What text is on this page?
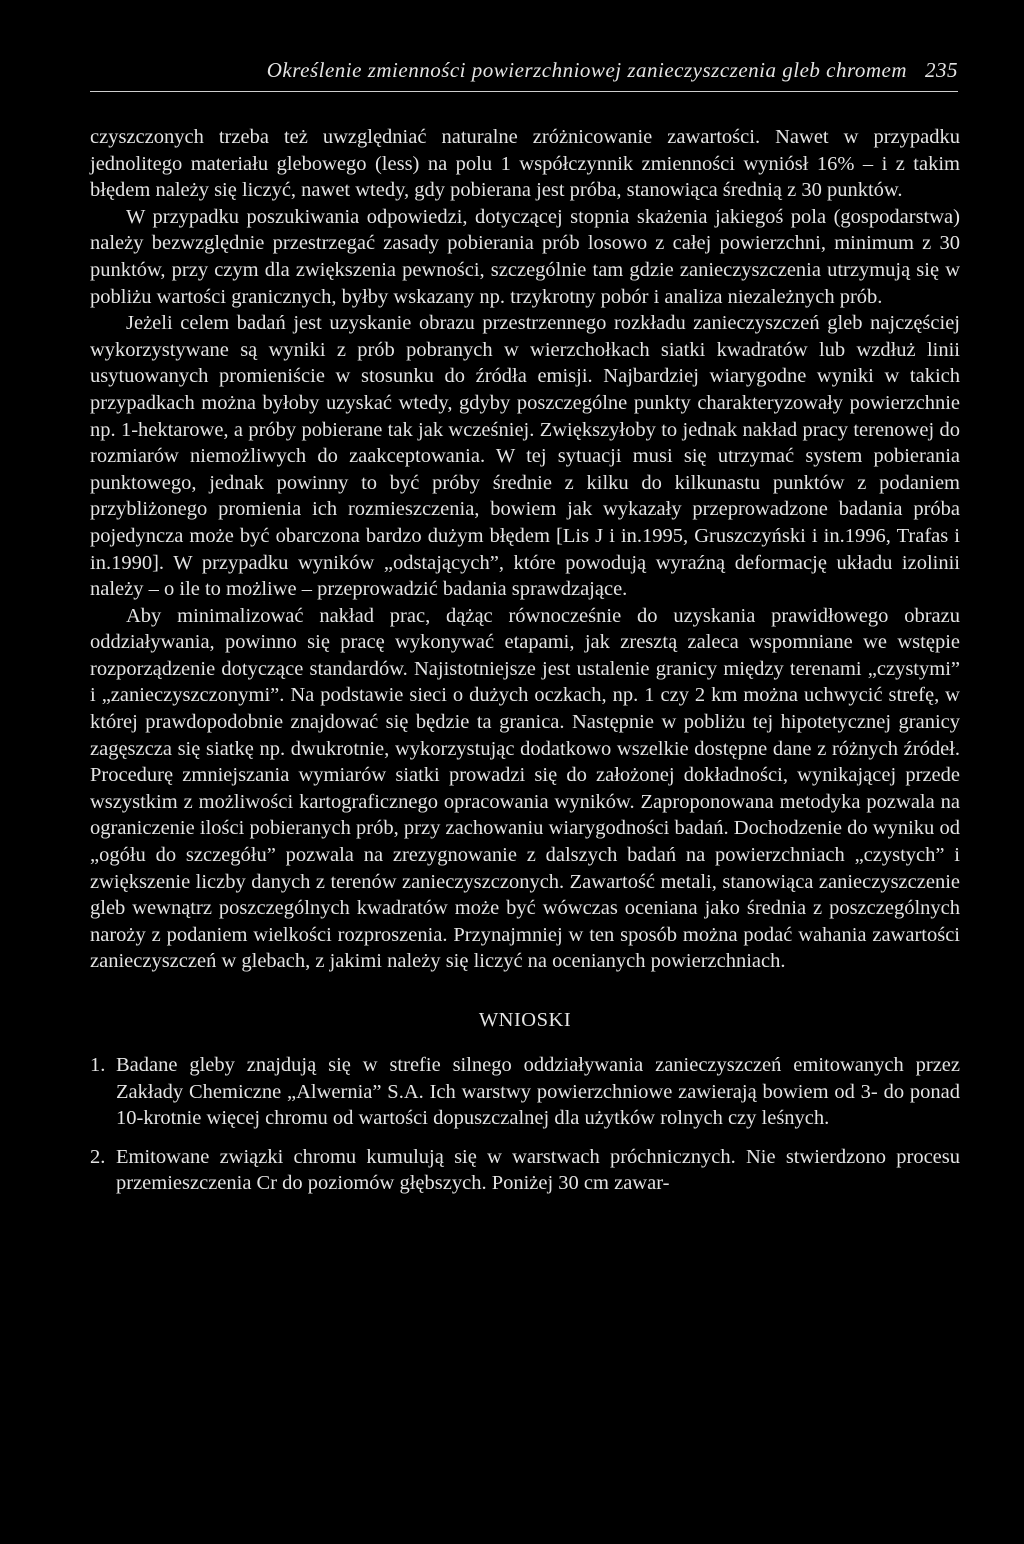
Określenie zmienności powierzchniowej zanieczyszczenia gleb chromem 235

czyszczonych trzeba też uwzględniać naturalne zróżnicowanie zawartości. Nawet w przypadku jednolitego materiału glebowego (less) na polu 1 współczynnik zmienności wyniósł 16% – i z takim błędem należy się liczyć, nawet wtedy, gdy pobierana jest próba, stanowiąca średnią z 30 punktów.

W przypadku poszukiwania odpowiedzi, dotyczącej stopnia skażenia jakiegoś pola (gospodarstwa) należy bezwzględnie przestrzegać zasady pobierania prób losowo z całej powierzchni, minimum z 30 punktów, przy czym dla zwiększenia pewności, szczególnie tam gdzie zanieczyszczenia utrzymują się w pobliżu wartości granicznych, byłby wskazany np. trzykrotny pobór i analiza niezależnych prób.

Jeżeli celem badań jest uzyskanie obrazu przestrzennego rozkładu zanieczyszczeń gleb najczęściej wykorzystywane są wyniki z prób pobranych w wierzchołkach siatki kwadratów lub wzdłuż linii usytuowanych promieniście w stosunku do źródła emisji. Najbardziej wiarygodne wyniki w takich przypadkach można byłoby uzyskać wtedy, gdyby poszczególne punkty charakteryzowały powierzchnie np. 1-hektarowe, a próby pobierane tak jak wcześniej. Zwiększyłoby to jednak nakład pracy terenowej do rozmiarów niemożliwych do zaakceptowania. W tej sytuacji musi się utrzymać system pobierania punktowego, jednak powinny to być próby średnie z kilku do kilkunastu punktów z podaniem przybliżonego promienia ich rozmieszczenia, bowiem jak wykazały przeprowadzone badania próba pojedyncza może być obarczona bardzo dużym błędem [Lis J i in.1995, Gruszczyński i in.1996, Trafas i in.1990]. W przypadku wyników „odstających”, które powodują wyraźną deformację układu izolinii należy – o ile to możliwe – przeprowadzić badania sprawdzające.

Aby minimalizować nakład prac, dążąc równocześnie do uzyskania prawidłowego obrazu oddziaływania, powinno się pracę wykonywać etapami, jak zresztą zaleca wspomniane we wstępie rozporządzenie dotyczące standardów. Najistotniejsze jest ustalenie granicy między terenami „czystymi” i „zanieczyszczonymi”. Na podstawie sieci o dużych oczkach, np. 1 czy 2 km można uchwycić strefę, w której prawdopodobnie znajdować się będzie ta granica. Następnie w pobliżu tej hipotetycznej granicy zagęszcza się siatkę np. dwukrotnie, wykorzystując dodatkowo wszelkie dostępne dane z różnych źródeł. Procedurę zmniejszania wymiarów siatki prowadzi się do założonej dokładności, wynikającej przede wszystkim z możliwości kartograficznego opracowania wyników. Zaproponowana metodyka pozwala na ograniczenie ilości pobieranych prób, przy zachowaniu wiarygodności badań. Dochodzenie do wyniku od „ogółu do szczegółu” pozwala na zrezygnowanie z dalszych badań na powierzchniach „czystych” i zwiększenie liczby danych z terenów zanieczyszczonych. Zawartość metali, stanowiąca zanieczyszczenie gleb wewnątrz poszczególnych kwadratów może być wówczas oceniana jako średnia z poszczególnych naroży z podaniem wielkości rozproszenia. Przynajmniej w ten sposób można podać wahania zawartości zanieczyszczeń w glebach, z jakimi należy się liczyć na ocenianych powierzchniach.

WNIOSKI
1. Badane gleby znajdują się w strefie silnego oddziaływania zanieczyszczeń emitowanych przez Zakłady Chemiczne „Alwernia” S.A. Ich warstwy powierzchniowe zawierają bowiem od 3- do ponad 10-krotnie więcej chromu od wartości dopuszczalnej dla użytków rolnych czy leśnych.
2. Emitowane związki chromu kumulują się w warstwach próchnicznych. Nie stwierdzono procesu przemieszczenia Cr do poziomów głębszych. Poniżej 30 cm zawar-
